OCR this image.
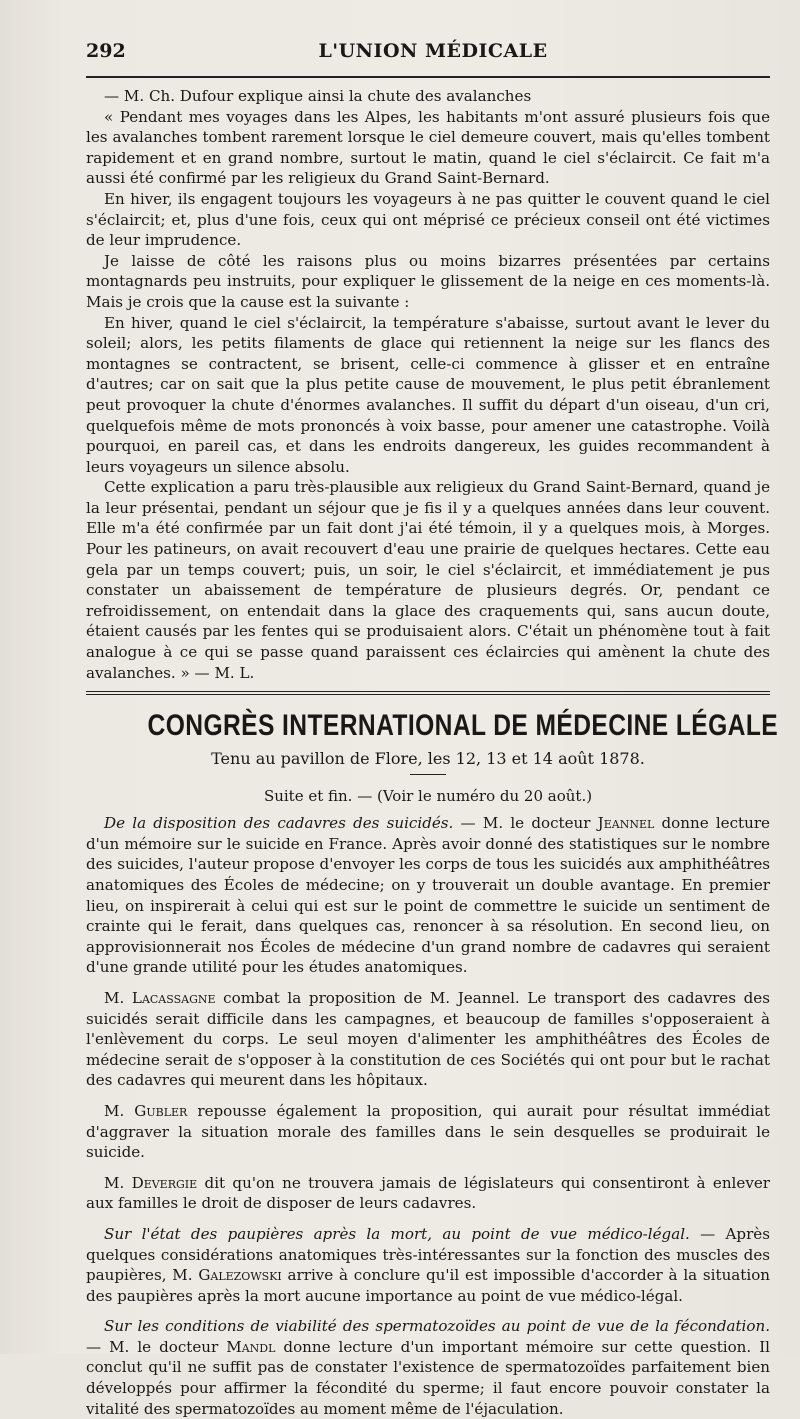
292	L'UNION MÉDICALE

— M. Ch. Dufour explique ainsi la chute des avalanches

« Pendant mes voyages dans les Alpes, les habitants m'ont assuré plusieurs fois que les avalanches tombent rarement lorsque le ciel demeure couvert, mais qu'elles tombent rapidement et en grand nombre, surtout le matin, quand le ciel s'éclaircit. Ce fait m'a aussi été confirmé par les religieux du Grand Saint-Bernard.

En hiver, ils engagent toujours les voyageurs à ne pas quitter le couvent quand le ciel s'éclaircit; et, plus d'une fois, ceux qui ont méprisé ce précieux conseil ont été victimes de leur imprudence.

Je laisse de côté les raisons plus ou moins bizarres présentées par certains montagnards peu instruits, pour expliquer le glissement de la neige en ces moments-là. Mais je crois que la cause est la suivante :

En hiver, quand le ciel s'éclaircit, la température s'abaisse, surtout avant le lever du soleil; alors, les petits filaments de glace qui retiennent la neige sur les flancs des montagnes se contractent, se brisent, celle-ci commence à glisser et en entraîne d'autres; car on sait que la plus petite cause de mouvement, le plus petit ébranlement peut provoquer la chute d'énormes avalanches. Il suffit du départ d'un oiseau, d'un cri, quelquefois même de mots prononcés à voix basse, pour amener une catastrophe. Voilà pourquoi, en pareil cas, et dans les endroits dangereux, les guides recommandent à leurs voyageurs un silence absolu.

Cette explication a paru très-plausible aux religieux du Grand Saint-Bernard, quand je la leur présentai, pendant un séjour que je fis il y a quelques années dans leur couvent. Elle m'a été confirmée par un fait dont j'ai été témoin, il y a quelques mois, à Morges. Pour les patineurs, on avait recouvert d'eau une prairie de quelques hectares. Cette eau gela par un temps couvert; puis, un soir, le ciel s'éclaircit, et immédiatement je pus constater un abaissement de température de plusieurs degrés. Or, pendant ce refroidissement, on entendait dans la glace des craquements qui, sans aucun doute, étaient causés par les fentes qui se produisaient alors. C'était un phénomène tout à fait analogue à ce qui se passe quand paraissent ces éclaircies qui amènent la chute des avalanches. » — M. L.

CONGRÈS INTERNATIONAL DE MÉDECINE LÉGALE
Tenu au pavillon de Flore, les 12, 13 et 14 août 1878.
Suite et fin. — (Voir le numéro du 20 août.)

De la disposition des cadavres des suicidés. — M. le docteur Jeannel donne lecture d'un mémoire sur le suicide en France. Après avoir donné des statistiques sur le nombre des suicides, l'auteur propose d'envoyer les corps de tous les suicidés aux amphithéâtres anatomiques des Écoles de médecine; on y trouverait un double avantage. En premier lieu, on inspirerait à celui qui est sur le point de commettre le suicide un sentiment de crainte qui le ferait, dans quelques cas, renoncer à sa résolution. En second lieu, on approvisionnerait nos Écoles de médecine d'un grand nombre de cadavres qui seraient d'une grande utilité pour les études anatomiques.

M. Lacassagne combat la proposition de M. Jeannel. Le transport des cadavres des suicidés serait difficile dans les campagnes, et beaucoup de familles s'opposeraient à l'enlèvement du corps. Le seul moyen d'alimenter les amphithéâtres des Écoles de médecine serait de s'opposer à la constitution de ces Sociétés qui ont pour but le rachat des cadavres qui meurent dans les hôpitaux.

M. Gubler repousse également la proposition, qui aurait pour résultat immédiat d'aggraver la situation morale des familles dans le sein desquelles se produirait le suicide.

M. Devergie dit qu'on ne trouvera jamais de législateurs qui consentiront à enlever aux familles le droit de disposer de leurs cadavres.

Sur l'état des paupières après la mort, au point de vue médico-légal. — Après quelques considérations anatomiques très-intéressantes sur la fonction des muscles des paupières, M. Galezowski arrive à conclure qu'il est impossible d'accorder à la situation des paupières après la mort aucune importance au point de vue médico-légal.

Sur les conditions de viabilité des spermatozoïdes au point de vue de la fécondation. — M. le docteur Mandl donne lecture d'un important mémoire sur cette question. Il conclut qu'il ne suffit pas de constater l'existence de spermatozoïdes parfaitement bien développés pour affirmer la fécondité du sperme; il faut encore pouvoir constater la vitalité des spermatozoïdes au moment même de l'éjaculation.
